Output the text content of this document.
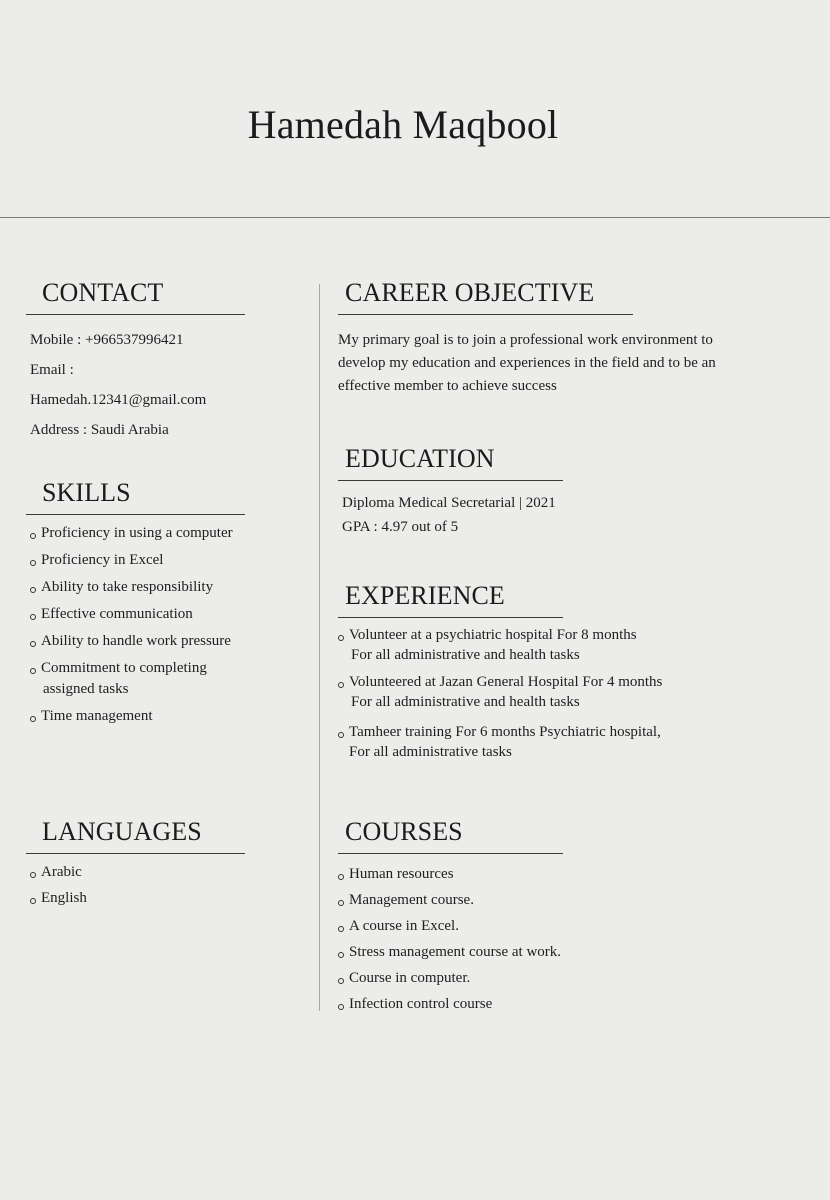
Hamedah Maqbool
CONTACT
Mobile : +966537996421
Email : Hamedah.12341@gmail.com
Address : Saudi Arabia
SKILLS
Proficiency in using a computer
Proficiency in Excel
Ability to take responsibility
Effective communication
Ability to handle work pressure
Commitment to completing
assigned tasks
Time management
LANGUAGES
Arabic
English
CAREER OBJECTIVE

My primary goal is to join a professional work environment to develop my education and experiences in the field and to be an effective member to achieve success

EDUCATION
Diploma Medical Secretarial | 2021
GPA : 4.97 out of 5
EXPERIENCE
Volunteer at a psychiatric hospital For 8 months
For all administrative and health tasks
Volunteered at Jazan General Hospital For 4 months
For all administrative and health tasks
Tamheer training For 6 months Psychiatric hospital,
For all administrative tasks
COURSES
Human resources
Management course.
A course in Excel.
Stress management course at work.
Course in computer.
Infection control course
